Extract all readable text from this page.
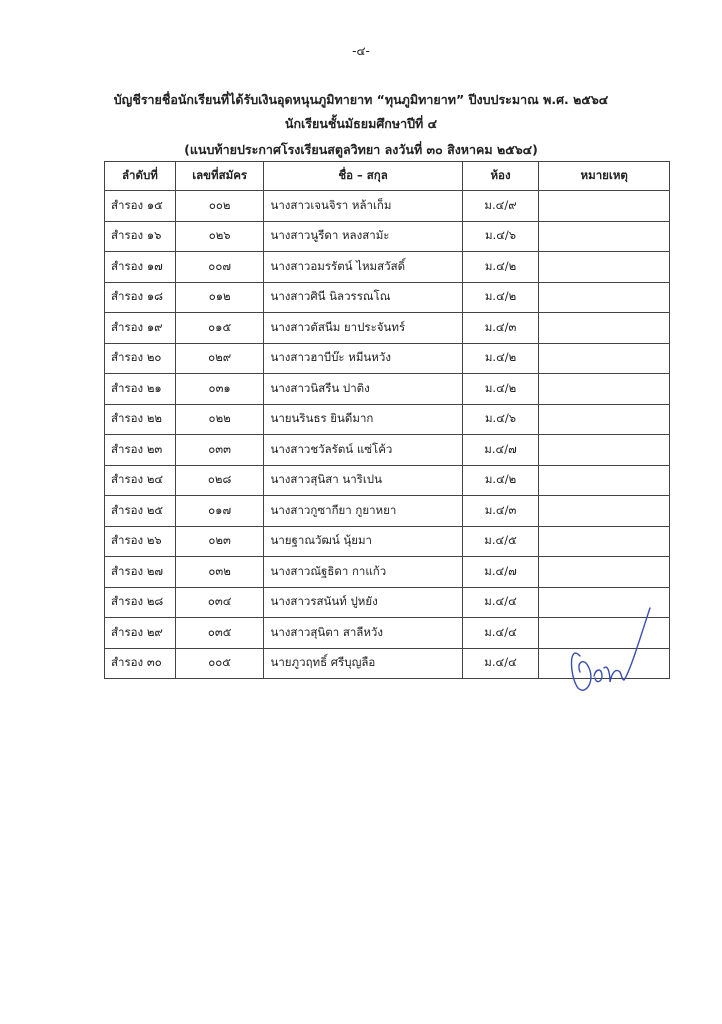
-๔-
บัญชีรายชื่อนักเรียนที่ได้รับเงินอุดหนุนภูมิทายาท “ทุนภูมิทายาท” ปีงบประมาณ พ.ศ. ๒๕๖๔
นักเรียนชั้นมัธยมศึกษาปีที่ ๔
(แนบท้ายประกาศโรงเรียนสตูลวิทยา ลงวันที่ ๓๐ สิงหาคม ๒๕๖๔)
ลำดับที่	เลขที่สมัคร	ชื่อ – สกุล	ห้อง	หมายเหตุ
สำรอง ๑๕	๐๐๒	นางสาวเจนจิรา หล้าเก็ม	ม.๔/๙	
สำรอง ๑๖	๐๒๖	นางสาวนูรีดา หลงสามัะ	ม.๔/๖	
สำรอง ๑๗	๐๐๗	นางสาวอมรรัตน์ ไหมสวัสดิ์	ม.๔/๒	
สำรอง ๑๘	๐๑๒	นางสาวศินี นิลวรรณโณ	ม.๔/๒	
สำรอง ๑๙	๐๑๕	นางสาวตัสนีม ยาประจันทร์	ม.๔/๓	
สำรอง ๒๐	๐๒๙	นางสาวฮาบีบ๊ะ หมีนหวัง	ม.๔/๒	
สำรอง ๒๑	๐๓๑	นางสาวนิสรีน ปาติง	ม.๔/๒	
สำรอง ๒๒	๐๒๒	นายนรินธร ยินดีมาก	ม.๔/๖	
สำรอง ๒๓	๐๓๓	นางสาวชวัลรัตน์ แซ่โค้ว	ม.๔/๗	
สำรอง ๒๔	๐๒๘	นางสาวสุนิสา นาริเปน	ม.๔/๒	
สำรอง ๒๕	๐๑๗	นางสาวกูซากียา กูยาหยา	ม.๔/๓	
สำรอง ๒๖	๐๒๓	นายฐาณวัฒน์ นุ้ยมา	ม.๔/๕	
สำรอง ๒๗	๐๓๒	นางสาวณัฐธิดา กาแก้ว	ม.๔/๗	
สำรอง ๒๘	๐๓๔	นางสาวรสนันท์ ปูหยัง	ม.๔/๔	
สำรอง ๒๙	๐๓๕	นางสาวสุนิตา สาลีหวัง	ม.๔/๔	
สำรอง ๓๐	๐๐๕	นายภูวฤทธิ์ ศรีบุญลือ	ม.๔/๔	
